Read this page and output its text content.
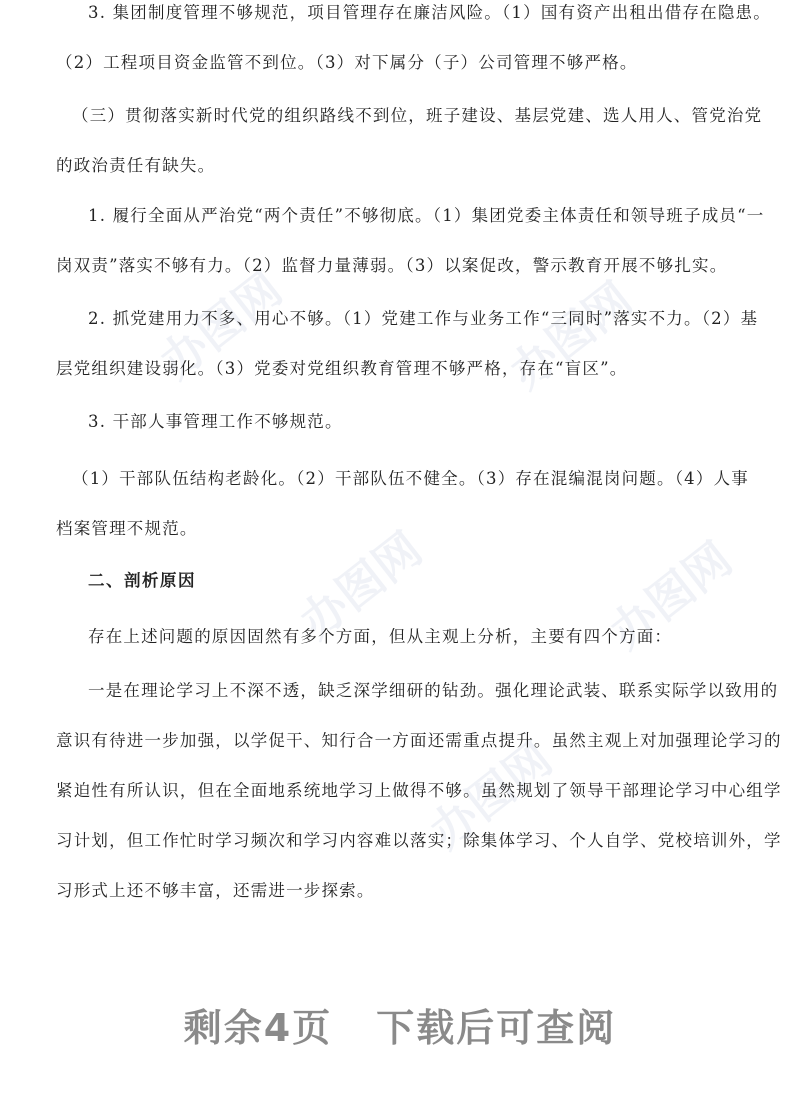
办图网	办图网
办图网	办图网
办图网

3. 集团制度管理不够规范，项目管理存在廉洁风险。（1）国有资产出租出借存在隐患。
（2）工程项目资金监管不到位。（3）对下属分（子）公司管理不够严格。

（三）贯彻落实新时代党的组织路线不到位，班子建设、基层党建、选人用人、管党治党
的政治责任有缺失。

1. 履行全面从严治党“两个责任”不够彻底。（1）集团党委主体责任和领导班子成员“一
岗双责”落实不够有力。（2）监督力量薄弱。（3）以案促改，警示教育开展不够扎实。

2. 抓党建用力不多、用心不够。（1）党建工作与业务工作“三同时”落实不力。（2）基
层党组织建设弱化。（3）党委对党组织教育管理不够严格，存在“盲区”。

3. 干部人事管理工作不够规范。

（1）干部队伍结构老龄化。（2）干部队伍不健全。（3）存在混编混岗问题。（4）人事
档案管理不规范。

二、剖析原因

存在上述问题的原因固然有多个方面，但从主观上分析，主要有四个方面：

一是在理论学习上不深不透，缺乏深学细研的钻劲。强化理论武装、联系实际学以致用的
意识有待进一步加强，以学促干、知行合一方面还需重点提升。虽然主观上对加强理论学习的
紧迫性有所认识，但在全面地系统地学习上做得不够。虽然规划了领导干部理论学习中心组学
习计划，但工作忙时学习频次和学习内容难以落实；除集体学习、个人自学、党校培训外，学
习形式上还不够丰富，还需进一步探索。

剩余4页 下载后可查阅
